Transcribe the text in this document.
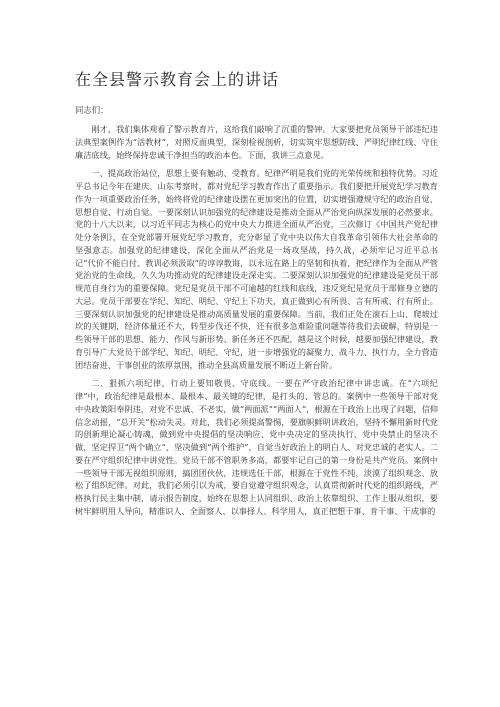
在全县警示教育会上的讲话

同志们：

刚才，我们集体观看了警示教育片，这给我们敲响了沉重的警钟。大家要把党员领导干部违纪违法典型案例作为“活教材”，对照反面典型，深刻检视剖析，切实筑牢思想防线、严明纪律红线、守住廉洁底线，始终保持忠诚干净担当的政治本色。下面，我讲三点意见。

一、提高政治站位，思想上要有触动、受教育。纪律严明是我们党的光荣传统和独特优势。习近平总书记今年在建庆、山东考察时，都对党纪学习教育作出了重要指示。我们要把开展党纪学习教育作为一项重要政治任务，始终将党的纪律建设摆在更加突出的位置，切实增强遵规守纪的政治自觉、思想自觉、行动自觉。一要深刻认识加强党的纪律建设是推动全面从严治党向纵深发展的必然要求。党的十八大以来，以习近平同志为核心的党中央大力推进全面从严治党，三次修订《中国共产党纪律处分条例》，在全党部署开展党纪学习教育，充分彰显了党中央以伟大自我革命引领伟大社会革命的坚强意志。加强党的纪律建设，深化全面从严治党是一场攻坚战，持久战，必须牢记习近平总书记“代价不能白付、教训必须汲取”的谆谆教诲，以永远在路上的坚韧和执着，把纪律作为全面从严管党治党的生命线，久久为功推动党的纪律建设走深走实。二要深刻认识加强党的纪律建设是党员干部规范自身行为的重要保障。党纪是党员干部不可逾越的红线和底线，违反党纪是党员干部修身立德的大忌。党员干部要在学纪、知纪、明纪、守纪上下功夫，真正做到心有所畏、言有所戒、行有所止。三要深刻认识加强党的纪律建设是推动高质量发展的重要保障。当前，我们正处在滚石上山、爬坡过坎的关键期，经济体量还不大，转型步伐还不快，还有很多急难险重问题等待我们去破解，特别是一些领导干部的思想、能力、作风与新形势、新任务还不匹配，越是这个时候，越要加强纪律建设，教育引导广大党员干部学纪、知纪、明纪、守纪，进一步增强党的凝聚力、战斗力、执行力，全力营造团结奋进、干事创业的浓厚氛围，推动全县高质量发展不断迈上新台阶。

二、狠抓六项纪律，行动上要知敬畏、守底线。一要在严守政治纪律中讲忠诚。在“六项纪律”中，政治纪律是最根本、最根本、最关键的纪律，是打头的、管总的。案例中一些领导干部对党中央政策阳奉阴违，对党不忠诚、不老实，做“两面派”“两面人”，根源在于政治上出现了问题，信仰信念动摇，“总开关”松动失灵。对此，我们必须提高警惕，要旗帜鲜明讲政治，坚持不懈用新时代党的创新理论凝心铸魂，做到党中央提倡的坚决响应、党中央决定的坚决执行、党中央禁止的坚决不做，坚定捍卫“两个确立”，坚决做到“两个维护”，自觉当好政治上的明白人、对党忠诚的老实人。二要在严守组织纪律中讲党性。党员干部不管职务多高，都要牢记自己的第一身份是共产党员。案例中一些领导干部无视组织原则，搞团团伙伙，违规选任干部，根源在于党性不纯，淡漠了组织观念、放松了组织纪律。对此，我们必须引以为戒，要自觉遵守组织观念，认真贯彻新时代党的组织路线，严格执行民主集中制，请示报告制度，始终在思想上认同组织、政治上依靠组织、工作上服从组织，要树牢鲜明用人导向，精准识人、全面察人、以事择人、科学用人，真正把想干事、肯干事、干成事的
